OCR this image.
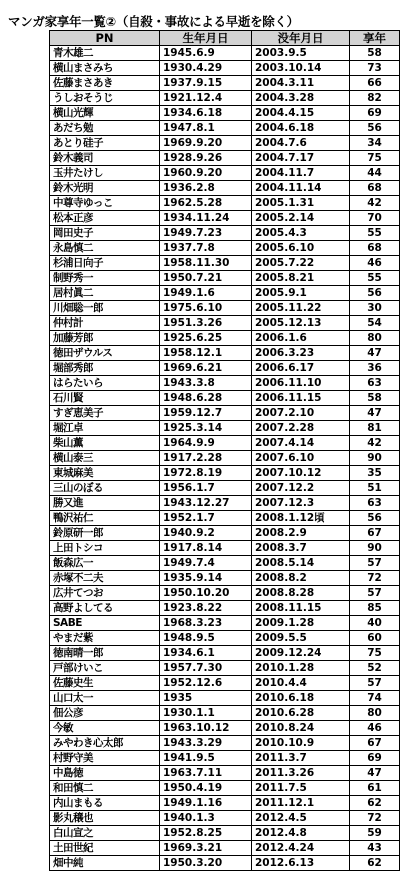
マンガ家享年一覧②（自殺・事故による早逝を除く）
PN	生年月日	没年月日	享年
青木雄二	1945.6.9	2003.9.5	58
横山まさみち	1930.4.29	2003.10.14	73
佐藤まさあき	1937.9.15	2004.3.11	66
うしおそうじ	1921.12.4	2004.3.28	82
横山光輝	1934.6.18	2004.4.15	69
あだち勉	1947.8.1	2004.6.18	56
あとり硅子	1969.9.20	2004.7.6	34
鈴木義司	1928.9.26	2004.7.17	75
玉井たけし	1960.9.20	2004.11.7	44
鈴木光明	1936.2.8	2004.11.14	68
中尊寺ゆっこ	1962.5.28	2005.1.31	42
松本正彦	1934.11.24	2005.2.14	70
岡田史子	1949.7.23	2005.4.3	55
永島慎二	1937.7.8	2005.6.10	68
杉浦日向子	1958.11.30	2005.7.22	46
制野秀一	1950.7.21	2005.8.21	55
居村眞二	1949.1.6	2005.9.1	56
川畑聡一郎	1975.6.10	2005.11.22	30
仲村計	1951.3.26	2005.12.13	54
加藤芳郎	1925.6.25	2006.1.6	80
徳田ザウルス	1958.12.1	2006.3.23	47
堀部秀郎	1969.6.21	2006.6.17	36
はらたいら	1943.3.8	2006.11.10	63
石川賢	1948.6.28	2006.11.15	58
すぎ恵美子	1959.12.7	2007.2.10	47
堀江卓	1925.3.14	2007.2.28	81
柴山薫	1964.9.9	2007.4.14	42
横山泰三	1917.2.28	2007.6.10	90
東城麻美	1972.8.19	2007.10.12	35
三山のぼる	1956.1.7	2007.12.2	51
勝又進	1943.12.27	2007.12.3	63
鴨沢祐仁	1952.1.7	2008.1.12頃	56
鈴原研一郎	1940.9.2	2008.2.9	67
上田トシコ	1917.8.14	2008.3.7	90
飯森広一	1949.7.4	2008.5.14	57
赤塚不二夫	1935.9.14	2008.8.2	72
広井てつお	1950.10.20	2008.8.28	57
高野よしてる	1923.8.22	2008.11.15	85
SABE	1968.3.23	2009.1.28	40
やまだ紫	1948.9.5	2009.5.5	60
徳南晴一郎	1934.6.1	2009.12.24	75
戸部けいこ	1957.7.30	2010.1.28	52
佐藤史生	1952.12.6	2010.4.4	57
山口太一	1935	2010.6.18	74
佃公彦	1930.1.1	2010.6.28	80
今敏	1963.10.12	2010.8.24	46
みやわき心太郎	1943.3.29	2010.10.9	67
村野守美	1941.9.5	2011.3.7	69
中島徳	1963.7.11	2011.3.26	47
和田慎二	1950.4.19	2011.7.5	61
内山まもる	1949.1.16	2011.12.1	62
影丸穣也	1940.1.3	2012.4.5	72
白山宣之	1952.8.25	2012.4.8	59
土田世紀	1969.3.21	2012.4.24	43
畑中純	1950.3.20	2012.6.13	62
